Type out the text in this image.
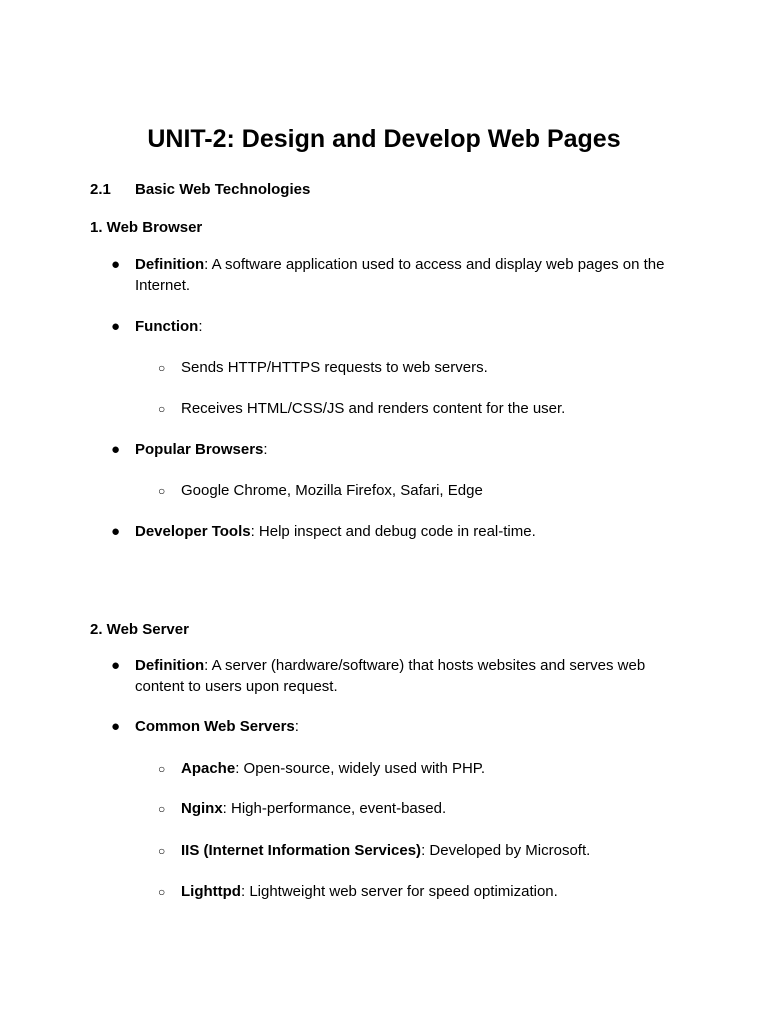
UNIT-2: Design and Develop Web Pages
2.1 Basic Web Technologies
1. Web Browser
● Definition: A software application used to access and display web pages on the Internet.
● Function:
○ Sends HTTP/HTTPS requests to web servers.
○ Receives HTML/CSS/JS and renders content for the user.
● Popular Browsers:
○ Google Chrome, Mozilla Firefox, Safari, Edge
● Developer Tools: Help inspect and debug code in real-time.
2. Web Server
● Definition: A server (hardware/software) that hosts websites and serves web content to users upon request.
● Common Web Servers:
○ Apache: Open-source, widely used with PHP.
○ Nginx: High-performance, event-based.
○ IIS (Internet Information Services): Developed by Microsoft.
○ Lighttpd: Lightweight web server for speed optimization.
